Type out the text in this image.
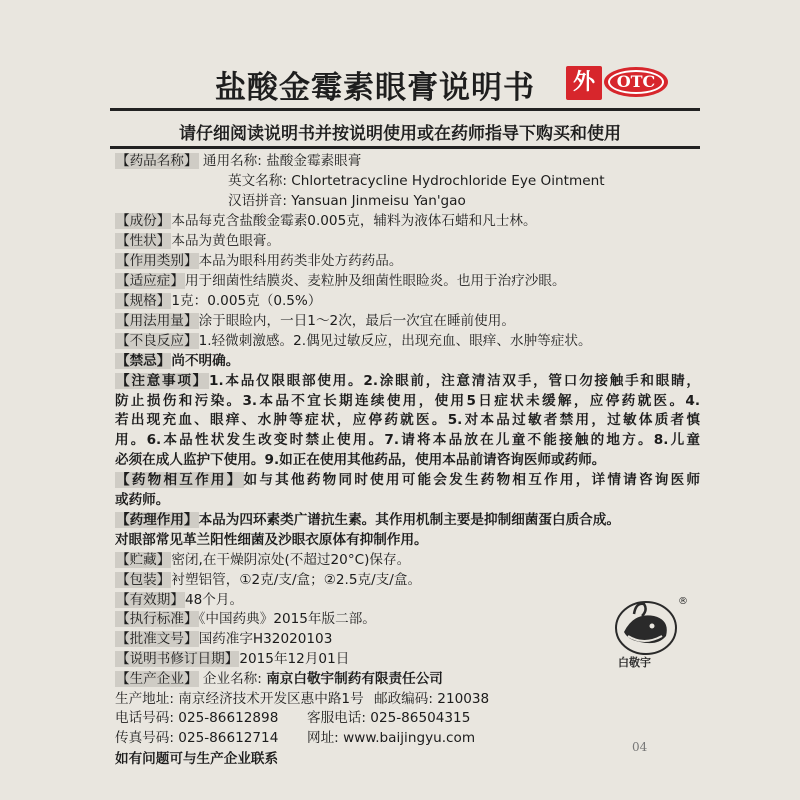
盐酸金霉素眼膏说明书	外	OTC
请仔细阅读说明书并按说明使用或在药师指导下购买和使用
【药品名称】 通用名称: 盐酸金霉素眼膏
英文名称: Chlortetracycline Hydrochloride Eye Ointment
汉语拼音: Yansuan Jinmeisu Yan'gao
【成份】本品每克含盐酸金霉素0.005克，辅料为液体石蜡和凡士林。
【性状】本品为黄色眼膏。
【作用类别】本品为眼科用药类非处方药药品。
【适应症】用于细菌性结膜炎、麦粒肿及细菌性眼睑炎。也用于治疗沙眼。
【规格】1克：0.005克（0.5%）
【用法用量】涂于眼睑内，一日1～2次，最后一次宜在睡前使用。
【不良反应】1.轻微刺激感。2.偶见过敏反应，出现充血、眼痒、水肿等症状。
【禁忌】尚不明确。
【注意事项】1.本品仅限眼部使用。2.涂眼前，注意清洁双手，管口勿接触手和眼睛，
防止损伤和污染。3.本品不宜长期连续使用，使用5日症状未缓解，应停药就医。4.
若出现充血、眼痒、水肿等症状，应停药就医。5.对本品过敏者禁用，过敏体质者慎
用。6.本品性状发生改变时禁止使用。7.请将本品放在儿童不能接触的地方。8.儿童
必须在成人监护下使用。9.如正在使用其他药品，使用本品前请咨询医师或药师。
【药物相互作用】如与其他药物同时使用可能会发生药物相互作用，详情请咨询医师
或药师。
【药理作用】本品为四环素类广谱抗生素。其作用机制主要是抑制细菌蛋白质合成。
对眼部常见革兰阳性细菌及沙眼衣原体有抑制作用。
【贮藏】密闭,在干燥阴凉处(不超过20°C)保存。
【包装】衬塑铝管，①2克/支/盒；②2.5克/支/盒。
【有效期】48个月。
【执行标准】《中国药典》2015年版二部。
【批准文号】国药准字H32020103
【说明书修订日期】2015年12月01日
【生产企业】 企业名称: 南京白敬宇制药有限责任公司
生产地址: 南京经济技术开发区惠中路1号 邮政编码: 210038
电话号码: 025-86612898 客服电话: 025-86504315
传真号码: 025-86612714 网址: www.baijingyu.com
如有问题可与生产企业联系
®
白敬宇
04
